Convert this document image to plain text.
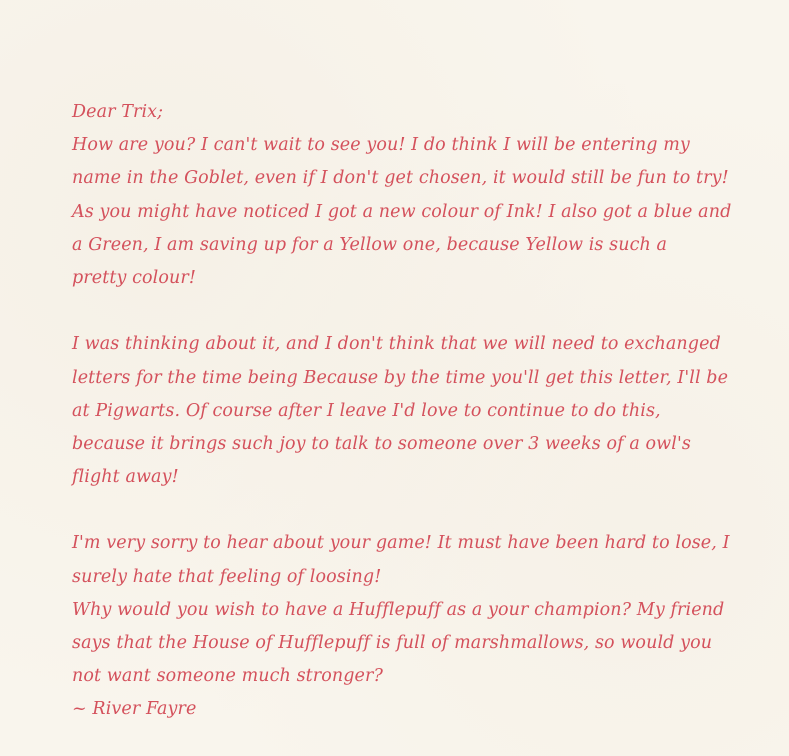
Dear Trix;
How are you? I can't wait to see you! I do think I will be entering my
name in the Goblet, even if I don't get chosen, it would still be fun to try!
As you might have noticed I got a new colour of Ink! I also got a blue and
a Green, I am saving up for a Yellow one, because Yellow is such a
pretty colour!
I was thinking about it, and I don't think that we will need to exchanged
letters for the time being Because by the time you'll get this letter, I'll be
at Pigwarts. Of course after I leave I'd love to continue to do this,
because it brings such joy to talk to someone over 3 weeks of a owl's
flight away!
I'm very sorry to hear about your game! It must have been hard to lose, I
surely hate that feeling of loosing!
Why would you wish to have a Hufflepuff as a your champion? My friend
says that the House of Hufflepuff is full of marshmallows, so would you
not want someone much stronger?
~ River Fayre
